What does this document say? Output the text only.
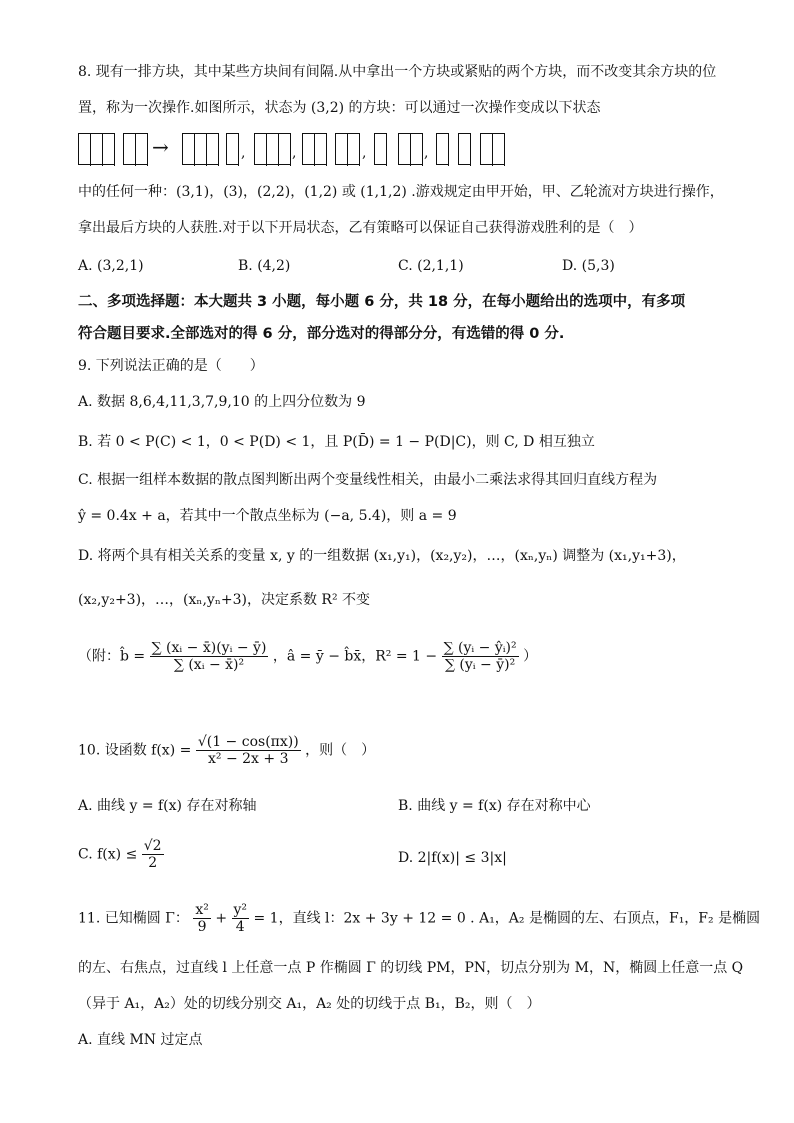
8. 现有一排方块，其中某些方块间有间隔.从中拿出一个方块或紧贴的两个方块，而不改变其余方块的位
置，称为一次操作.如图所示，状态为 (3,2) 的方块：可以通过一次操作变成以下状态
→	,	,	,	,
中的任何一种：(3,1)，(3)，(2,2)，(1,2) 或 (1,1,2) .游戏规定由甲开始，甲、乙轮流对方块进行操作，
拿出最后方块的人获胜.对于以下开局状态，乙有策略可以保证自己获得游戏胜利的是（　）
A. (3,2,1)	B. (4,2)	C. (2,1,1)	D. (5,3)
二、多项选择题：本大题共 3 小题，每小题 6 分，共 18 分，在每小题给出的选项中，有多项
符合题目要求.全部选对的得 6 分，部分选对的得部分分，有选错的得 0 分.
9. 下列说法正确的是（　　）
A. 数据 8,6,4,11,3,7,9,10 的上四分位数为 9
B. 若 0 < P(C) < 1，0 < P(D) < 1，且 P(D̄) = 1 − P(D|C)，则 C, D 相互独立
C. 根据一组样本数据的散点图判断出两个变量线性相关，由最小二乘法求得其回归直线方程为
ŷ = 0.4x + a，若其中一个散点坐标为 (−a, 5.4)，则 a = 9
D. 将两个具有相关关系的变量 x, y 的一组数据 (x₁,y₁)，(x₂,y₂)，…，(xₙ,yₙ) 调整为 (x₁,y₁+3)，
(x₂,y₂+3)，…，(xₙ,yₙ+3)，决定系数 R² 不变
（附：b̂ = $\frac{\text{∑ (xᵢ − x̄)(yᵢ − ȳ)}}{\text{∑ (xᵢ − x̄)²}}$ ，â = ȳ − b̂x̄，$R^2 = 1 - \frac{\text{∑ (yᵢ − ŷᵢ)²}}{\text{∑ (yᵢ − ȳ)²}}$ ）
10. 设函数 $f(x) = \frac{√(1 - \cos(\pi x))}{\text{x² − 2x + 3}}$ ，则（　）
A. 曲线 y = f(x) 存在对称轴	B. 曲线 y = f(x) 存在对称中心
C. $f(x) \le \frac{√2}{2}$	D. 2|f(x)| ≤ 3|x|
11. 已知椭圆 Γ： $\frac{\text{x²}}{9} + \frac{\text{y²}}{4} = 1$，直线 l：2x + 3y + 12 = 0 . A₁，A₂ 是椭圆的左、右顶点，F₁，F₂ 是椭圆
的左、右焦点，过直线 l 上任意一点 P 作椭圆 Γ 的切线 PM，PN，切点分别为 M，N，椭圆上任意一点 Q
（异于 A₁，A₂）处的切线分别交 A₁，A₂ 处的切线于点 B₁，B₂，则（　）
A. 直线 MN 过定点
